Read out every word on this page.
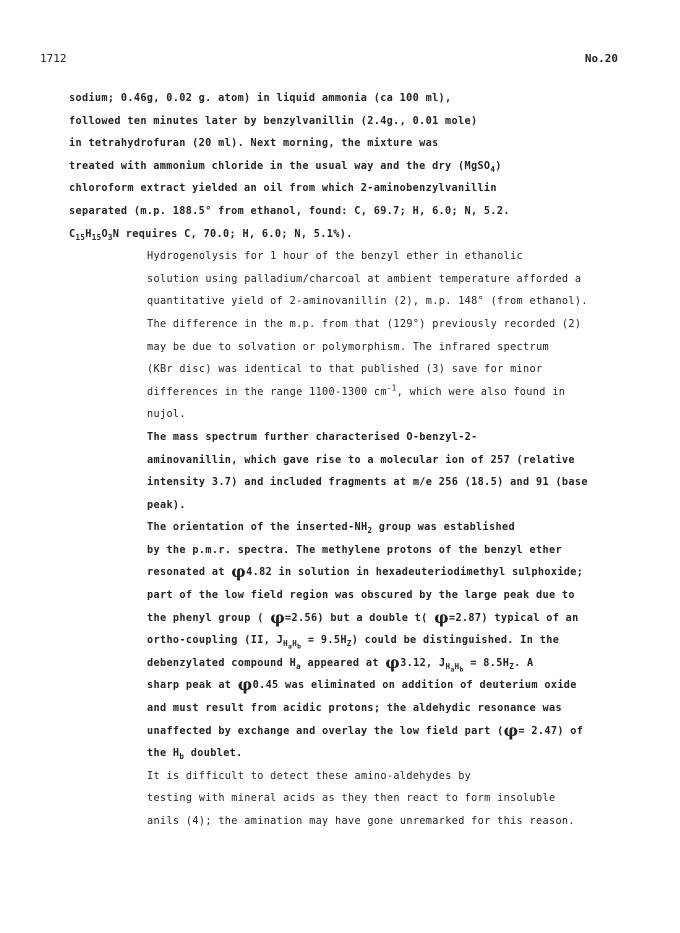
1712	No.20

sodium; 0.46g, 0.02 g. atom) in liquid ammonia (ca 100 ml),
followed ten minutes later by benzylvanillin (2.4g., 0.01 mole)
in tetrahydrofuran (20 ml). Next morning, the mixture was
treated with ammonium chloride in the usual way and the dry (MgSO$_4$)
chloroform extract yielded an oil from which 2-aminobenzylvanillin
separated (m.p. 188.5° from ethanol, found: C, 69.7; H, 6.0; N, 5.2.
$C_{15}H_{15}O_3N$ requires C, 70.0; H, 6.0; N, 5.1%).

Hydrogenolysis for 1 hour of the benzyl ether in ethanolic
solution using palladium/charcoal at ambient temperature afforded a
quantitative yield of 2-aminovanillin (2), m.p. 148° (from ethanol).
The difference in the m.p. from that (129°) previously recorded (2)
may be due to solvation or polymorphism. The infrared spectrum
(KBr disc) was identical to that published (3) save for minor
differences in the range 1100-1300 $cm^{-1}$, which were also found in
nujol.

The mass spectrum further characterised O-benzyl-2-
aminovanillin, which gave rise to a molecular ion of 257 (relative
intensity 3.7) and included fragments at m/e 256 (18.5) and 91 (base
peak).

The orientation of the inserted-$NH_2$ group was established
by the p.m.r. spectra. The methylene protons of the benzyl ether
resonated at φ4.82 in solution in hexadeuteriodimethyl sulphoxide;
part of the low field region was obscured by the large peak due to
the phenyl group ( φ=2.56) but a double t( φ=2.87) typical of an
ortho-coupling (II, $J_{H_aH_b} = 9.5H_Z$) could be distinguished. In the
debenzylated compound $H_a$ appeared at φ3.12, $J_{H_aH_b} = 8.5H_Z$. A
sharp peak at φ0.45 was eliminated on addition of deuterium oxide
and must result from acidic protons; the aldehydic resonance was
unaffected by exchange and overlay the low field part (φ= 2.47) of
the $H_b$ doublet.

It is difficult to detect these amino-aldehydes by
testing with mineral acids as they then react to form insoluble
anils (4); the amination may have gone unremarked for this reason.
